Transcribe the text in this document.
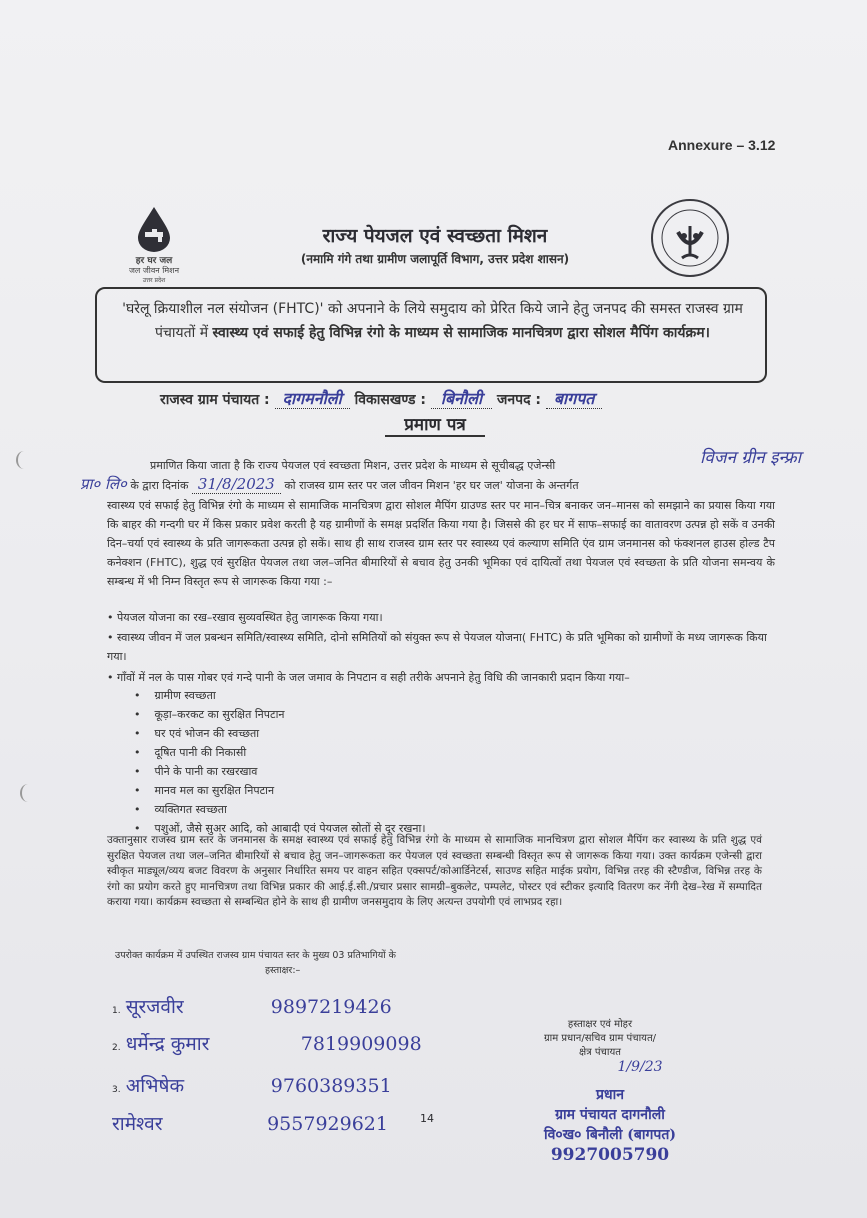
Annexure – 3.12
हर घर जल
जल जीवन मिशन
उत्तर प्रदेश
राज्य पेयजल एवं स्वच्छता मिशन
(नमामि गंगे तथा ग्रामीण जलापूर्ति विभाग, उत्तर प्रदेश शासन)
'घरेलू क्रियाशील नल संयोजन (FHTC)' को अपनाने के लिये समुदाय को प्रेरित किये जाने हेतु जनपद की समस्त राजस्व ग्राम पंचायतों में स्वास्थ्य एवं सफाई हेतु विभिन्न रंगो के माध्यम से सामाजिक मानचित्रण द्वारा सोशल मैपिंग कार्यक्रम।
राजस्व ग्राम पंचायत : दागमनौली विकासखण्ड : बिनौली जनपद : बागपत
प्रमाण पत्र
प्रमाणित किया जाता है कि राज्य पेयजल एवं स्वच्छता मिशन, उत्तर प्रदेश के माध्यम से सूचीबद्ध एजेन्सी	विजन ग्रीन इन्फ्रा
प्रा० लि० के द्वारा दिनांक 31/8/2023 को राजस्व ग्राम स्तर पर जल जीवन मिशन 'हर घर जल' योजना के अन्तर्गत
स्वास्थ्य एवं सफाई हेतु विभिन्न रंगो के माध्यम से सामाजिक मानचित्रण द्वारा सोशल मैपिंग ग्राउण्ड स्तर पर मान–चित्र बनाकर जन–मानस को समझाने का प्रयास किया गया कि बाहर की गन्दगी घर में किस प्रकार प्रवेश करती है यह ग्रामीणों के समक्ष प्रदर्शित किया गया है। जिससे की हर घर में साफ–सफाई का वातावरण उत्पन्न हो सकें व उनकी दिन–चर्या एवं स्वास्थ्य के प्रति जागरूकता उत्पन्न हो सकें। साथ ही साथ राजस्व ग्राम स्तर पर स्वास्थ्य एवं कल्याण समिति एंव ग्राम जनमानस को फंक्शनल हाउस होल्ड टैप कनेक्शन (FHTC), शुद्ध एवं सुरक्षित पेयजल तथा जल–जनित बीमारियों से बचाव हेतु उनकी भूमिका एवं दायित्वों तथा पेयजल एवं स्वच्छता के प्रति योजना समन्वय के सम्बन्ध में भी निम्न विस्तृत रूप से जागरूक किया गया :–
• पेयजल योजना का रख–रखाव सुव्यवस्थित हेतु जागरूक किया गया।
• स्वास्थ्य जीवन में जल प्रबन्धन समिति/स्वास्थ्य समिति, दोनो समितियों को संयुक्त रूप से पेयजल योजना( FHTC) के प्रति भूमिका को ग्रामीणों के मध्य जागरूक किया गया।
• गाँवों में नल के पास गोबर एवं गन्दे पानी के जल जमाव के निपटान व सही तरीके अपनाने हेतु विधि की जानकारी प्रदान किया गया–
•    ग्रामीण स्वच्छता
•    कूड़ा–करकट का सुरक्षित निपटान
•    घर एवं भोजन की स्वच्छता
•    दूषित पानी की निकासी
•    पीने के पानी का रखरखाव
•    मानव मल का सुरक्षित निपटान
•    व्यक्तिगत स्वच्छता
•    पशुओं, जैसे सुअर आदि, को आबादी एवं पेयजल स्रोतों से दूर रखना।
उक्तानुसार राजस्व ग्राम स्तर के जनमानस के समक्ष स्वास्थ्य एवं सफाई हेतु विभिन्न रंगो के माध्यम से सामाजिक मानचित्रण द्वारा सोशल मैपिंग कर स्वास्थ्य के प्रति शुद्ध एवं सुरक्षित पेयजल तथा जल–जनित बीमारियों से बचाव हेतु जन–जागरूकता कर पेयजल एवं स्वच्छता सम्बन्धी विस्तृत रूप से जागरूक किया गया। उक्त कार्यक्रम एजेन्सी द्वारा स्वीकृत माड्यूल/व्यय बजट विवरण के अनुसार निर्धारित समय पर वाहन सहित एक्सपर्ट/कोआर्डिनेटर्स, साउण्ड सहित माईक प्रयोग, विभिन्न तरह की स्टैण्डीज, विभिन्न तरह के रंगो का प्रयोग करते हुए मानचित्रण तथा विभिन्न प्रकार की आई.ई.सी./प्रचार प्रसार सामग्री–बुकलेट, पम्पलेट, पोस्टर एवं स्टीकर इत्यादि वितरण कर नेंगी देख–रेख में सम्पादित कराया गया। कार्यक्रम स्वच्छता से सम्बन्धित होने के साथ ही ग्रामीण जनसमुदाय के लिए अत्यन्त उपयोगी एवं लाभप्रद रहा।
उपरोक्त कार्यक्रम में उपस्थित राजस्व ग्राम पंचायत स्तर के मुख्य 03 प्रतिभागियों के
हस्ताक्षर:–
1. सूरजवीर	9897219426
2. धर्मेन्द्र कुमार	7819909098
3. अभिषेक	9760389351
रामेश्वर	9557929621	14
हस्ताक्षर एवं मोहर
ग्राम प्रधान/सचिव ग्राम पंचायत/
क्षेत्र पंचायत
1/9/23
प्रधान
ग्राम पंचायत दागनौली
वि०ख० बिनौली (बागपत)
9927005790
